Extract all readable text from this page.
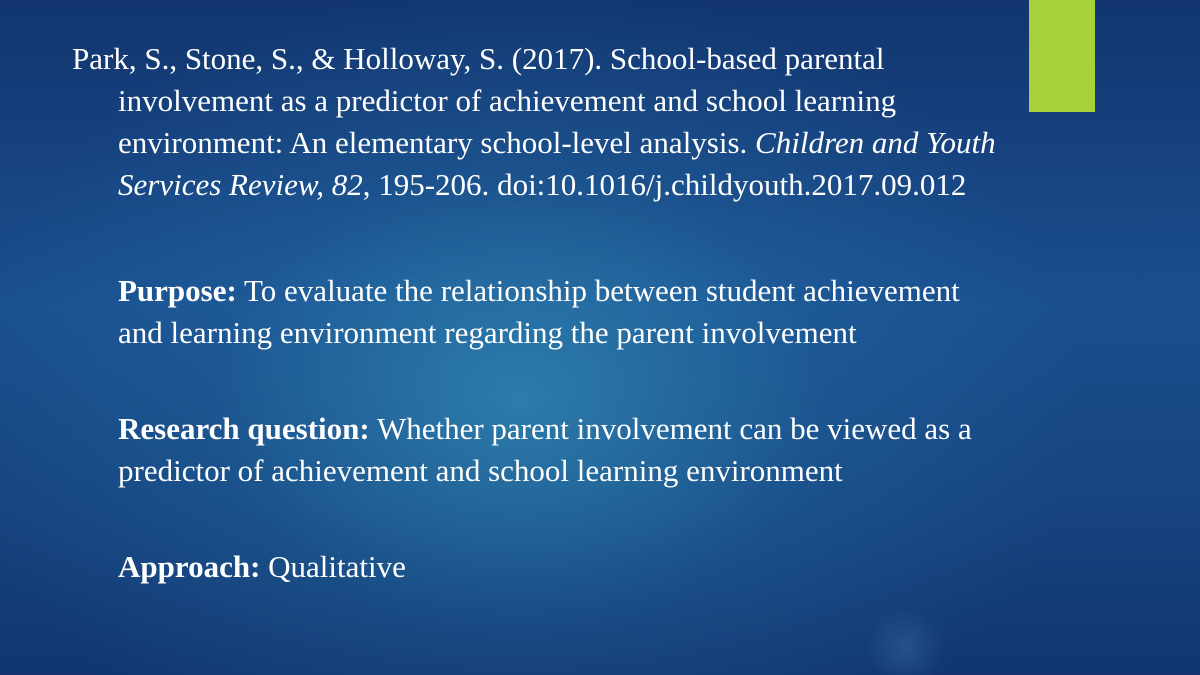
Park, S., Stone, S., & Holloway, S. (2017). School-based parental involvement as a predictor of achievement and school learning environment: An elementary school-level analysis. Children and Youth Services Review, 82, 195-206. doi:10.1016/j.childyouth.2017.09.012

Purpose: To evaluate the relationship between student achievement and learning environment regarding the parent involvement

Research question: Whether parent involvement can be viewed as a predictor of achievement and school learning environment

Approach: Qualitative
